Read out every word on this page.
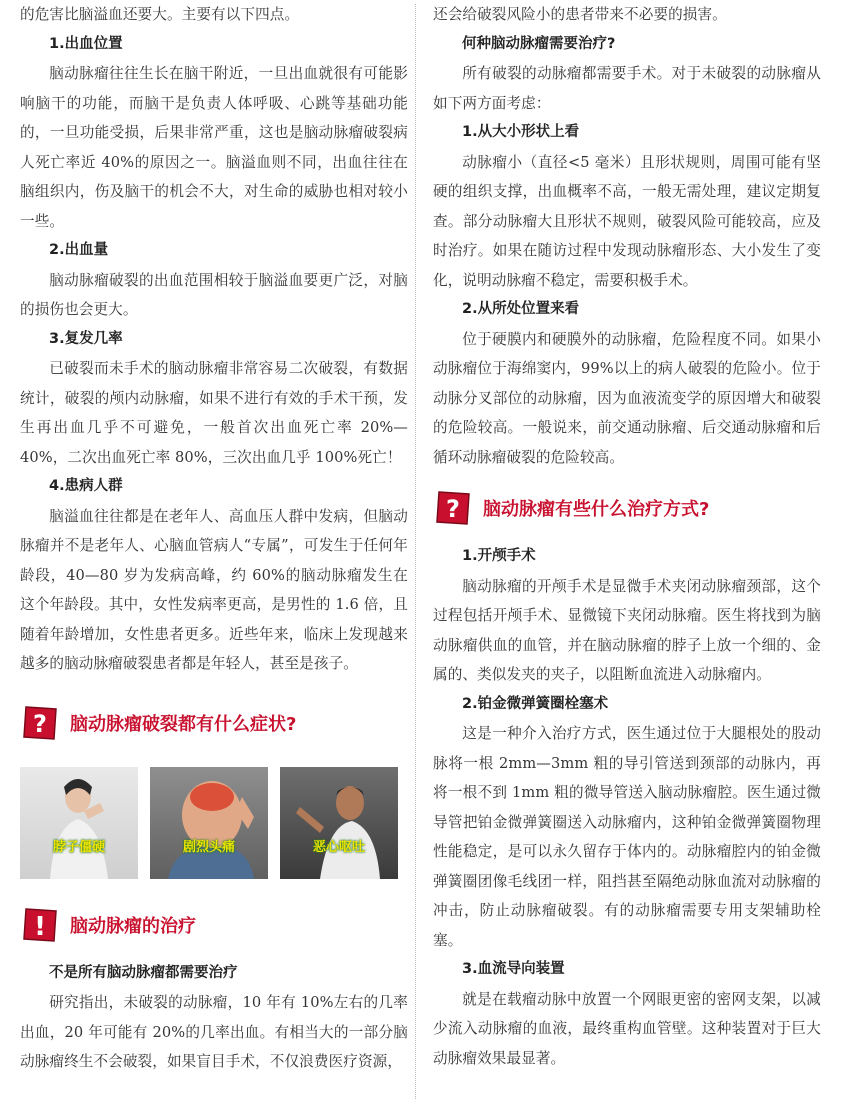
的危害比脑溢血还要大。主要有以下四点。

1.出血位置

脑动脉瘤往往生长在脑干附近，一旦出血就很有可能影响脑干的功能，而脑干是负责人体呼吸、心跳等基础功能的，一旦功能受损，后果非常严重，这也是脑动脉瘤破裂病人死亡率近 40%的原因之一。脑溢血则不同，出血往往在脑组织内，伤及脑干的机会不大，对生命的威胁也相对较小一些。

2.出血量

脑动脉瘤破裂的出血范围相较于脑溢血要更广泛，对脑的损伤也会更大。

3.复发几率

已破裂而未手术的脑动脉瘤非常容易二次破裂，有数据统计，破裂的颅内动脉瘤，如果不进行有效的手术干预，发生再出血几乎不可避免，一般首次出血死亡率 20%—40%，二次出血死亡率 80%，三次出血几乎 100%死亡！

4.患病人群

脑溢血往往都是在老年人、高血压人群中发病，但脑动脉瘤并不是老年人、心脑血管病人“专属”，可发生于任何年龄段，40—80 岁为发病高峰，约 60%的脑动脉瘤发生在这个年龄段。其中，女性发病率更高，是男性的 1.6 倍，且随着年龄增加，女性患者更多。近些年来，临床上发现越来越多的脑动脉瘤破裂患者都是年轻人，甚至是孩子。

? 脑动脉瘤破裂都有什么症状?
脖子僵硬	剧烈头痛	恶心呕吐
! 脑动脉瘤的治疗

不是所有脑动脉瘤都需要治疗

研究指出，未破裂的动脉瘤，10 年有 10%左右的几率出血，20 年可能有 20%的几率出血。有相当大的一部分脑动脉瘤终生不会破裂，如果盲目手术，不仅浪费医疗资源，

还会给破裂风险小的患者带来不必要的损害。

何种脑动脉瘤需要治疗?

所有破裂的动脉瘤都需要手术。对于未破裂的动脉瘤从如下两方面考虑：

1.从大小形状上看

动脉瘤小（直径<5 毫米）且形状规则，周围可能有坚硬的组织支撑，出血概率不高，一般无需处理，建议定期复查。部分动脉瘤大且形状不规则，破裂风险可能较高，应及时治疗。如果在随访过程中发现动脉瘤形态、大小发生了变化，说明动脉瘤不稳定，需要积极手术。

2.从所处位置来看

位于硬膜内和硬膜外的动脉瘤，危险程度不同。如果小动脉瘤位于海绵窦内，99%以上的病人破裂的危险小。位于动脉分叉部位的动脉瘤，因为血液流变学的原因增大和破裂的危险较高。一般说来，前交通动脉瘤、后交通动脉瘤和后循环动脉瘤破裂的危险较高。

? 脑动脉瘤有些什么治疗方式?

1.开颅手术

脑动脉瘤的开颅手术是显微手术夹闭动脉瘤颈部，这个过程包括开颅手术、显微镜下夹闭动脉瘤。医生将找到为脑动脉瘤供血的血管，并在脑动脉瘤的脖子上放一个细的、金属的、类似发夹的夹子，以阻断血流进入动脉瘤内。

2.铂金微弹簧圈栓塞术

这是一种介入治疗方式，医生通过位于大腿根处的股动脉将一根 2mm—3mm 粗的导引管送到颈部的动脉内，再将一根不到 1mm 粗的微导管送入脑动脉瘤腔。医生通过微导管把铂金微弹簧圈送入动脉瘤内，这种铂金微弹簧圈物理性能稳定，是可以永久留存于体内的。动脉瘤腔内的铂金微弹簧圈团像毛线团一样，阻挡甚至隔绝动脉血流对动脉瘤的冲击，防止动脉瘤破裂。有的动脉瘤需要专用支架辅助栓塞。

3.血流导向装置

就是在载瘤动脉中放置一个网眼更密的密网支架，以减少流入动脉瘤的血液，最终重构血管壁。这种装置对于巨大动脉瘤效果最显著。
